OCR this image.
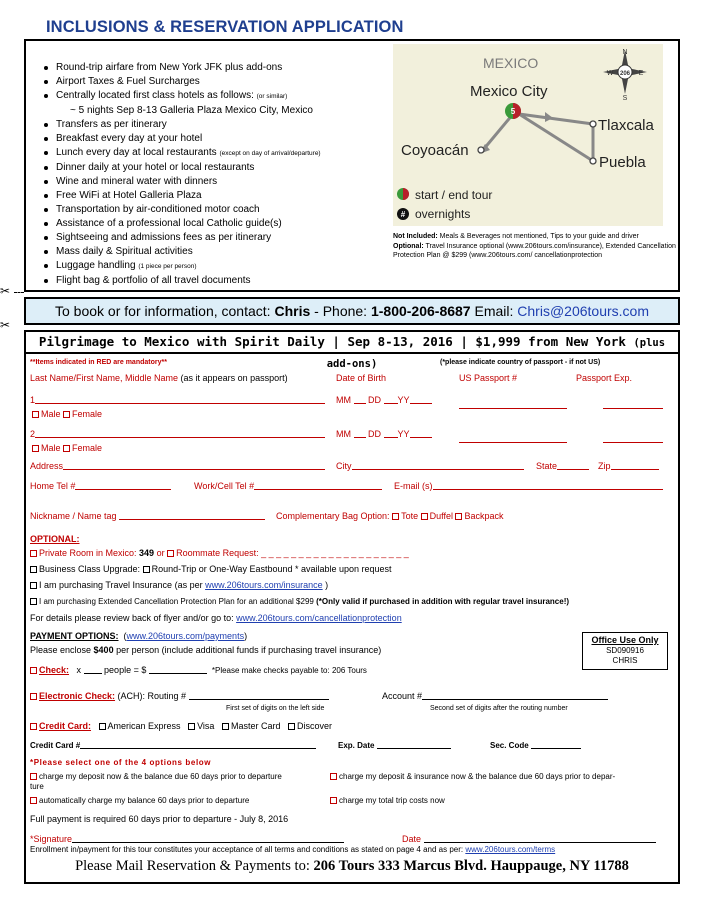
INCLUSIONS & RESERVATION APPLICATION
Round-trip airfare from New York JFK plus add-ons
Airport Taxes & Fuel Surcharges
Centrally located first class hotels as follows: (or similar)
~ 5 nights Sep 8-13 Galleria Plaza Mexico City, Mexico
Transfers as per itinerary
Breakfast every day at your hotel
Lunch every day at local restaurants (except on day of arrival/departure)
Dinner daily at your hotel or local restaurants
Wine and mineral water with dinners
Free WiFi at Hotel Galleria Plaza
Transportation by air-conditioned motor coach
Assistance of a professional local Catholic guide(s)
Sightseeing and admissions fees as per itinerary
Mass daily & Spiritual activities
Luggage handling (1 piece per person)
Flight bag & portfolio of all travel documents
MEXICO
206
N
S
W	E
5
Mexico City
Tlaxcala
Coyoacán
Puebla
start / end tour
# overnights
Not Included: Meals & Beverages not mentioned, Tips to your guide and driver
Optional: Travel Insurance optional (www.206tours.com/insurance), Extended Cancellation Protection Plan @ $299 (www.206tours.com/ cancellationprotection
✂
To book or for information, contact: Chris - Phone: 1-800-206-8687 Email: Chris@206tours.com
✂
Pilgrimage to Mexico with Spirit Daily | Sep 8-13, 2016 | $1,999 from New York (plus add-ons)
**Items indicated in RED are mandatory**	(*please indicate country of passport - if not US)
Last Name/First Name, Middle Name (as it appears on passport)	Date of Birth	US Passport #	Passport Exp.
1	MM DD YY
Male Female
2	MM DD YY
Male Female
Address	City	State	Zip
Home Tel #	Work/Cell Tel #	E-mail (s)
Nickname / Name tag	Complementary Bag Option: Tote Duffel Backpack
OPTIONAL:
Private Room in Mexico: 349 or Roommate Request: _ _ _ _ _ _ _ _ _ _ _ _ _ _ _ _ _ _ _ _
Business Class Upgrade: Round-Trip or One-Way Eastbound * available upon request
I am purchasing Travel Insurance (as per www.206tours.com/insurance )
I am purchasing Extended Cancellation Protection Plan for an additional $299 (*Only valid if purchased in addition with regular travel insurance!)
For details please review back of flyer and/or go to: www.206tours.com/cancellationprotection
PAYMENT OPTIONS:  (www.206tours.com/payments)
Please enclose $400 per person (include additional funds if purchasing travel insurance)
Office Use Only
SD090916
CHRIS
Check: x  people = $	*Please make checks payable to: 206 Tours
Electronic Check: (ACH): Routing #	Account #
First set of digits on the left side	Second set of digits after the routing number
Credit Card: American Express Visa Master Card Discover
Credit Card #	Exp. Date	Sec. Code
*Please select one of the 4 options below
charge my deposit now & the balance due 60 days prior to departure	charge my deposit & insurance now & the balance due 60 days prior to depar-
ture
automatically charge my balance 60 days prior to departure	charge my total trip costs now
Full payment is required 60 days prior to departure - July 8, 2016
*Signature	Date
Enrollment in/payment for this tour constitutes your acceptance of all terms and conditions as stated on page 4 and as per: www.206tours.com/terms
Please Mail Reservation & Payments to: 206 Tours 333 Marcus Blvd. Hauppauge, NY 11788
